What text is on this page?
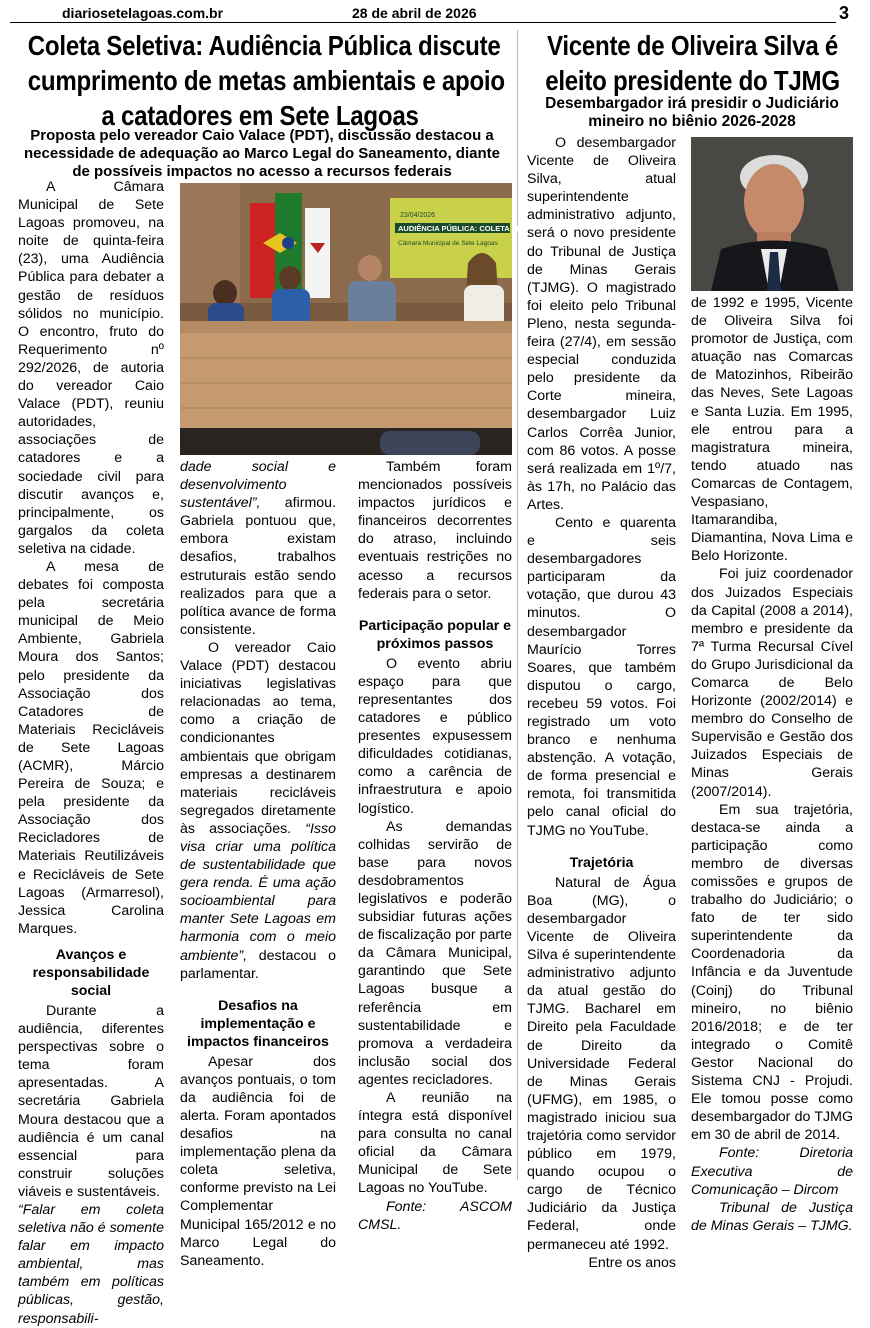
diariosetelagoas.com.br	28 de abril de 2026	3
Coleta Seletiva: Audiência Pública discute
cumprimento de metas ambientais e apoio
a catadores em Sete Lagoas
Proposta pelo vereador Caio Valace (PDT), discussão destacou a
necessidade de adequação ao Marco Legal do Saneamento, diante
de possíveis impactos no acesso a recursos federais
23/04/2026
AUDIÊNCIA PÚBLICA: COLETA SELETIVA
Câmara Municipal de Sete Lagoas

A Câmara Municipal de Sete Lagoas promoveu, na noite de quinta-feira (23), uma Audiência Pública para debater a gestão de resíduos sólidos no município. O encontro, fruto do Requerimento nº 292/2026, de autoria do vereador Caio Valace (PDT), reuniu autoridades, associações de catadores e a sociedade civil para discutir avanços e, principalmente, os gargalos da coleta seletiva na cidade.

A mesa de debates foi composta pela secretária municipal de Meio Ambiente, Gabriela Moura dos Santos; pelo presidente da Associação dos Catadores de Materiais Recicláveis de Sete Lagoas (ACMR), Márcio Pereira de Souza; e pela presidente da Associação dos Recicladores de Materiais Reutilizáveis e Recicláveis de Sete Lagoas (Armarresol), Jessica Carolina Marques.

Avanços e responsabilidade social

Durante a audiência, diferentes perspectivas sobre o tema foram apresentadas. A secretária Gabriela Moura destacou que a audiência é um canal essencial para construir soluções viáveis e sustentáveis.

“Falar em coleta seletiva não é somente falar em impacto ambiental, mas também em políticas públicas, gestão, responsabili-

dade social e desenvolvimento sustentável”, afirmou. Gabriela pontuou que, embora existam desafios, trabalhos estruturais estão sendo realizados para que a política avance de forma consistente.

O vereador Caio Valace (PDT) destacou iniciativas legislativas relacionadas ao tema, como a criação de condicionantes ambientais que obrigam empresas a destinarem materiais recicláveis segregados diretamente às associações. “Isso visa criar uma política de sustentabilidade que gera renda. É uma ação socioambiental para manter Sete Lagoas em harmonia com o meio ambiente”, destacou o parlamentar.

Desafios na implementação e impactos financeiros

Apesar dos avanços pontuais, o tom da audiência foi de alerta. Foram apontados desafios na implementação plena da coleta seletiva, conforme previsto na Lei Complementar Municipal 165/2012 e no Marco Legal do Saneamento.

Também foram mencionados possíveis impactos jurídicos e financeiros decorrentes do atraso, incluindo eventuais restrições no acesso a recursos federais para o setor.

Participação popular e próximos passos

O evento abriu espaço para que representantes dos catadores e público presentes expusessem dificuldades cotidianas, como a carência de infraestrutura e apoio logístico.

As demandas colhidas servirão de base para novos desdobramentos legislativos e poderão subsidiar futuras ações de fiscalização por parte da Câmara Municipal, garantindo que Sete Lagoas busque a referência em sustentabilidade e promova a verdadeira inclusão social dos agentes recicladores.

A reunião na íntegra está disponível para consulta no canal oficial da Câmara Municipal de Sete Lagoas no YouTube.

Fonte: ASCOM CMSL.

Vicente de Oliveira Silva é
eleito presidente do TJMG
Desembargador irá presidir o Judiciário
mineiro no biênio 2026-2028

O desembargador Vicente de Oliveira Silva, atual superintendente administrativo adjunto, será o novo presidente do Tribunal de Justiça de Minas Gerais (TJMG). O magistrado foi eleito pelo Tribunal Pleno, nesta segunda-feira (27/4), em sessão especial conduzida pelo presidente da Corte mineira, desembargador Luiz Carlos Corrêa Junior, com 86 votos. A posse será realizada em 1º/7, às 17h, no Palácio das Artes.

Cento e quarenta e seis desembargadores participaram da votação, que durou 43 minutos. O desembargador Maurício Torres Soares, que também disputou o cargo, recebeu 59 votos. Foi registrado um voto branco e nenhuma abstenção. A votação, de forma presencial e remota, foi transmitida pelo canal oficial do TJMG no YouTube.

Trajetória

Natural de Água Boa (MG), o desembargador Vicente de Oliveira Silva é superintendente administrativo adjunto da atual gestão do TJMG. Bacharel em Direito pela Faculdade de Direito da Universidade Federal de Minas Gerais (UFMG), em 1985, o magistrado iniciou sua trajetória como servidor público em 1979, quando ocupou o cargo de Técnico Judiciário da Justiça Federal, onde permaneceu até 1992.

Entre os anos

de 1992 e 1995, Vicente de Oliveira Silva foi promotor de Justiça, com atuação nas Comarcas de Matozinhos, Ribeirão das Neves, Sete Lagoas e Santa Luzia. Em 1995, ele entrou para a magistratura mineira, tendo atuado nas Comarcas de Contagem, Vespasiano, Itamarandiba, Diamantina, Nova Lima e Belo Horizonte.

Foi juiz coordenador dos Juizados Especiais da Capital (2008 a 2014), membro e presidente da 7ª Turma Recursal Cível do Grupo Jurisdicional da Comarca de Belo Horizonte (2002/2014) e membro do Conselho de Supervisão e Gestão dos Juizados Especiais de Minas Gerais (2007/2014).

Em sua trajetória, destaca-se ainda a participação como membro de diversas comissões e grupos de trabalho do Judiciário; o fato de ter sido superintendente da Coordenadoria da Infância e da Juventude (Coinj) do Tribunal mineiro, no biênio 2016/2018; e de ter integrado o Comitê Gestor Nacional do Sistema CNJ - Projudi. Ele tomou posse como desembargador do TJMG em 30 de abril de 2014.

Fonte: Diretoria Executiva de Comunicação – Dircom

Tribunal de Justiça de Minas Gerais – TJMG.
